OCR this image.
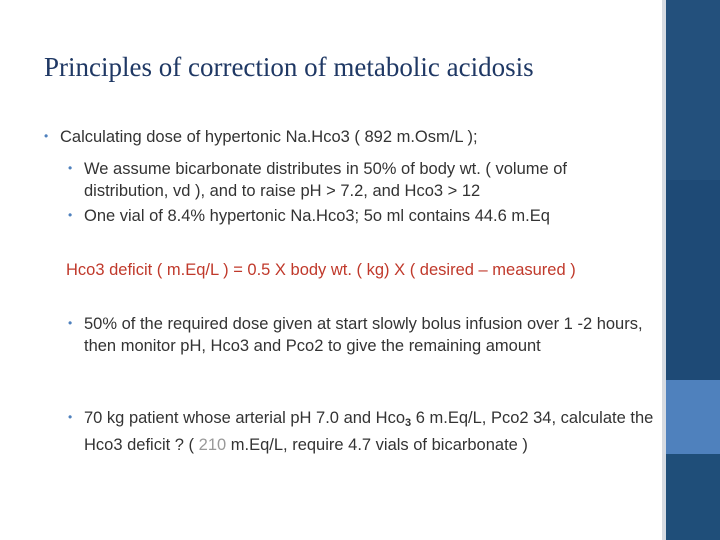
Principles of correction of metabolic acidosis
• Calculating dose of hypertonic Na.Hco3 ( 892 m.Osm/L );
• We assume bicarbonate distributes in 50% of body wt. ( volume of distribution, vd ), and to raise pH > 7.2, and Hco3 > 12
• One vial of 8.4% hypertonic Na.Hco3; 5o ml contains 44.6 m.Eq
Hco3 deficit ( m.Eq/L ) = 0.5 X body wt. ( kg) X ( desired – measured )
• 50% of the required dose given at start slowly bolus infusion over 1 -2 hours, then monitor pH, Hco3 and Pco2 to give the remaining amount
• 70 kg patient whose arterial pH 7.0 and Hco$_3$ 6 m.Eq/L, Pco2 34, calculate the Hco3 deficit ? ( 210 m.Eq/L, require 4.7 vials of bicarbonate )
